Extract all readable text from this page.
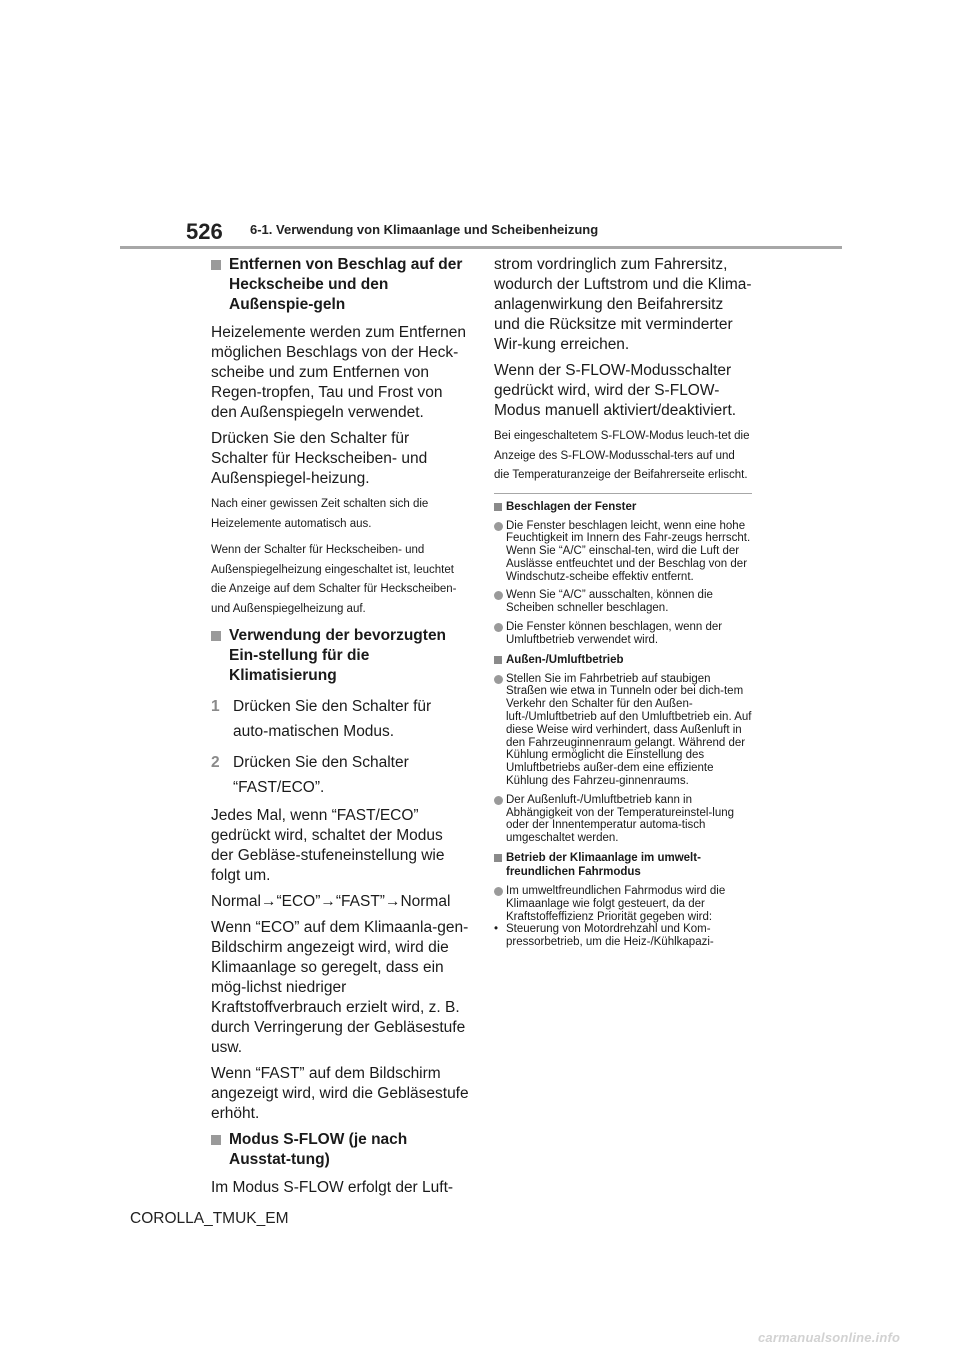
526 6-1. Verwendung von Klimaanlage und Scheibenheizung
Entfernen von Beschlag auf der Heckscheibe und den Außenspie-geln

Heizelemente werden zum Entfernen möglichen Beschlags von der Heck-scheibe und zum Entfernen von Regen-tropfen, Tau und Frost von den Außenspiegeln verwendet.

Drücken Sie den Schalter für Schalter für Heckscheiben- und Außenspiegel-heizung.

Nach einer gewissen Zeit schalten sich die Heizelemente automatisch aus.

Wenn der Schalter für Heckscheiben- und Außenspiegelheizung eingeschaltet ist, leuchtet die Anzeige auf dem Schalter für Heckscheiben- und Außenspiegelheizung auf.

Verwendung der bevorzugten Ein-stellung für die Klimatisierung
1 Drücken Sie den Schalter für auto-matischen Modus.
2 Drücken Sie den Schalter “FAST/ECO”.

Jedes Mal, wenn “FAST/ECO” gedrückt wird, schaltet der Modus der Gebläse-stufeneinstellung wie folgt um.

Normal→“ECO”→“FAST”→Normal

Wenn “ECO” auf dem Klimaanla-gen-Bildschirm angezeigt wird, wird die Klimaanlage so geregelt, dass ein mög-lichst niedriger Kraftstoffverbrauch erzielt wird, z. B. durch Verringerung der Gebläsestufe usw.

Wenn “FAST” auf dem Bildschirm angezeigt wird, wird die Gebläsestufe erhöht.

Modus S-FLOW (je nach Ausstat-tung)

Im Modus S-FLOW erfolgt der Luft-

strom vordringlich zum Fahrersitz, wodurch der Luftstrom und die Klima-anlagenwirkung den Beifahrersitz und die Rücksitze mit verminderter Wir-kung erreichen.

Wenn der S-FLOW-Modusschalter gedrückt wird, wird der S-FLOW-Modus manuell aktiviert/deaktiviert.

Bei eingeschaltetem S-FLOW-Modus leuch-tet die Anzeige des S-FLOW-Modusschal-ters auf und die Temperaturanzeige der Beifahrerseite erlischt.

Beschlagen der Fenster
Die Fenster beschlagen leicht, wenn eine hohe Feuchtigkeit im Innern des Fahr-zeugs herrscht. Wenn Sie “A/C” einschal-ten, wird die Luft der Auslässe entfeuchtet und der Beschlag von der Windschutz-scheibe effektiv entfernt.
Wenn Sie “A/C” ausschalten, können die Scheiben schneller beschlagen.
Die Fenster können beschlagen, wenn der Umluftbetrieb verwendet wird.
Außen-/Umluftbetrieb
Stellen Sie im Fahrbetrieb auf staubigen Straßen wie etwa in Tunneln oder bei dich-tem Verkehr den Schalter für den Außen-luft-/Umluftbetrieb auf den Umluftbetrieb ein. Auf diese Weise wird verhindert, dass Außenluft in den Fahrzeuginnenraum gelangt. Während der Kühlung ermöglicht die Einstellung des Umluftbetriebs außer-dem eine effiziente Kühlung des Fahrzeu-ginnenraums.
Der Außenluft-/Umluftbetrieb kann in Abhängigkeit von der Temperatureinstel-lung oder der Innentemperatur automa-tisch umgeschaltet werden.
Betrieb der Klimaanlage im umwelt-freundlichen Fahrmodus
Im umweltfreundlichen Fahrmodus wird die Klimaanlage wie folgt gesteuert, da der Kraftstoffeffizienz Priorität gegeben wird:
• Steuerung von Motordrehzahl und Kom-pressorbetrieb, um die Heiz-/Kühlkapazi-
COROLLA_TMUK_EM
carmanualsonline.info
